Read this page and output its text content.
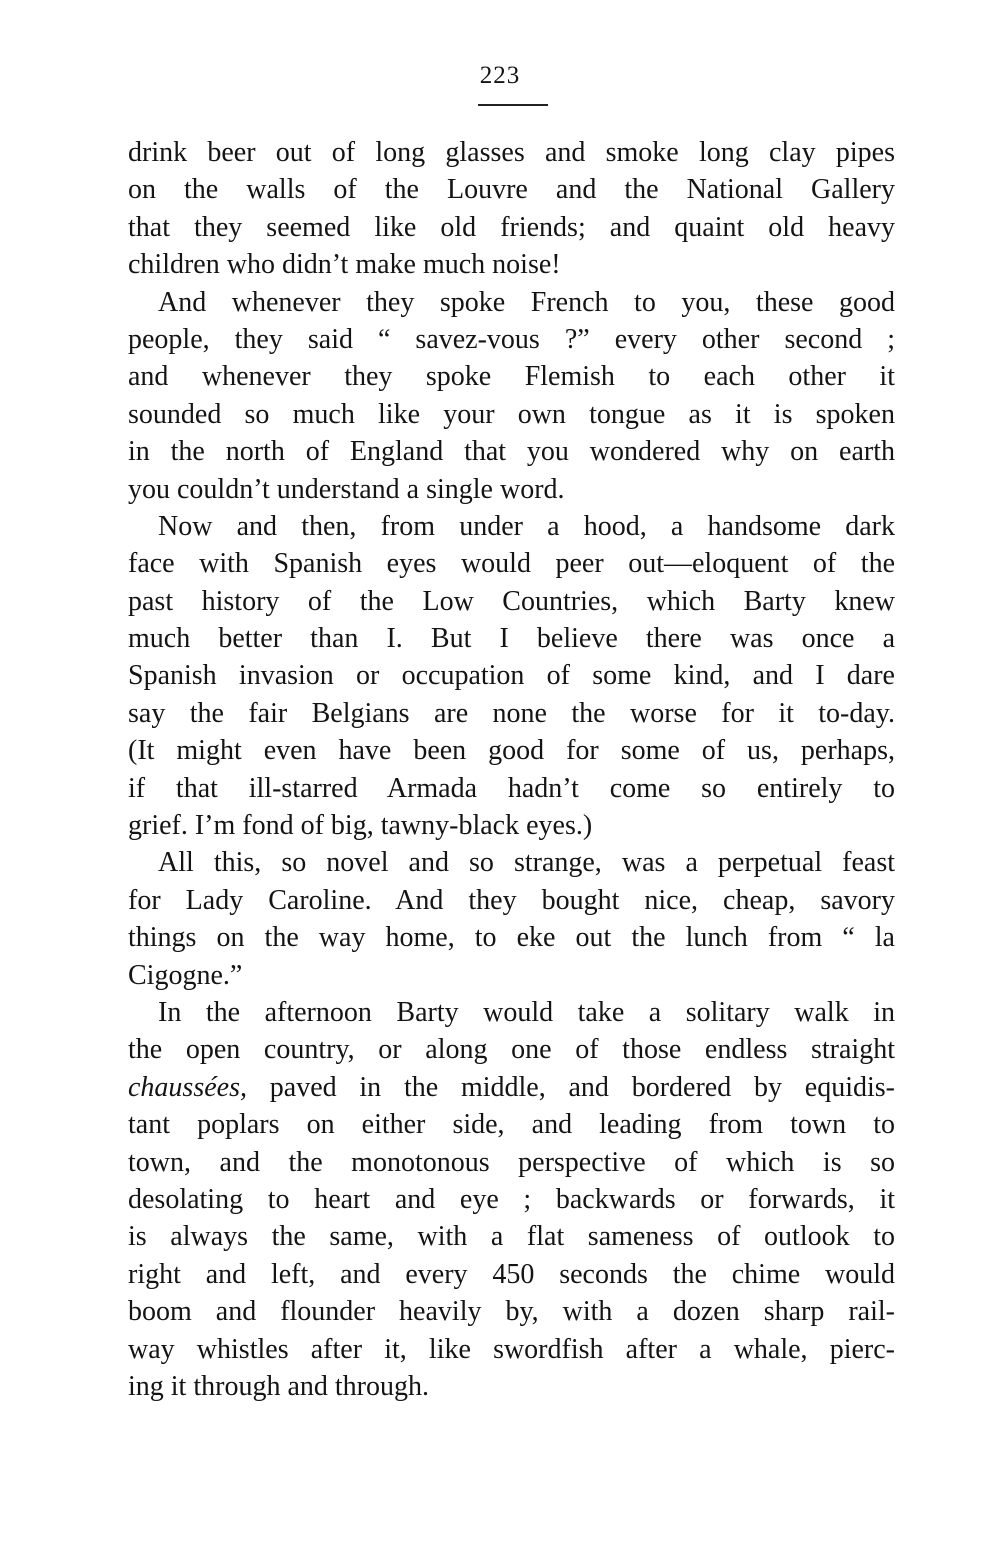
223
drink beer out of long glasses and smoke long clay pipes
on the walls of the Louvre and the National Gallery
that they seemed like old friends; and quaint old heavy
children who didn’t make much noise!
And whenever they spoke French to you, these good
people, they said “ savez-vous ?” every other second ;
and whenever they spoke Flemish to each other it
sounded so much like your own tongue as it is spoken
in the north of England that you wondered why on earth
you couldn’t understand a single word.
Now and then, from under a hood, a handsome dark
face with Spanish eyes would peer out—eloquent of the
past history of the Low Countries, which Barty knew
much better than I. But I believe there was once a
Spanish invasion or occupation of some kind, and I dare
say the fair Belgians are none the worse for it to-day.
(It might even have been good for some of us, perhaps,
if that ill-starred Armada hadn’t come so entirely to
grief. I’m fond of big, tawny-black eyes.)
All this, so novel and so strange, was a perpetual feast
for Lady Caroline. And they bought nice, cheap, savory
things on the way home, to eke out the lunch from “ la
Cigogne.”
In the afternoon Barty would take a solitary walk in
the open country, or along one of those endless straight
chaussées, paved in the middle, and bordered by equidis-
tant poplars on either side, and leading from town to
town, and the monotonous perspective of which is so
desolating to heart and eye ; backwards or forwards, it
is always the same, with a flat sameness of outlook to
right and left, and every 450 seconds the chime would
boom and flounder heavily by, with a dozen sharp rail-
way whistles after it, like swordfish after a whale, pierc-
ing it through and through.
